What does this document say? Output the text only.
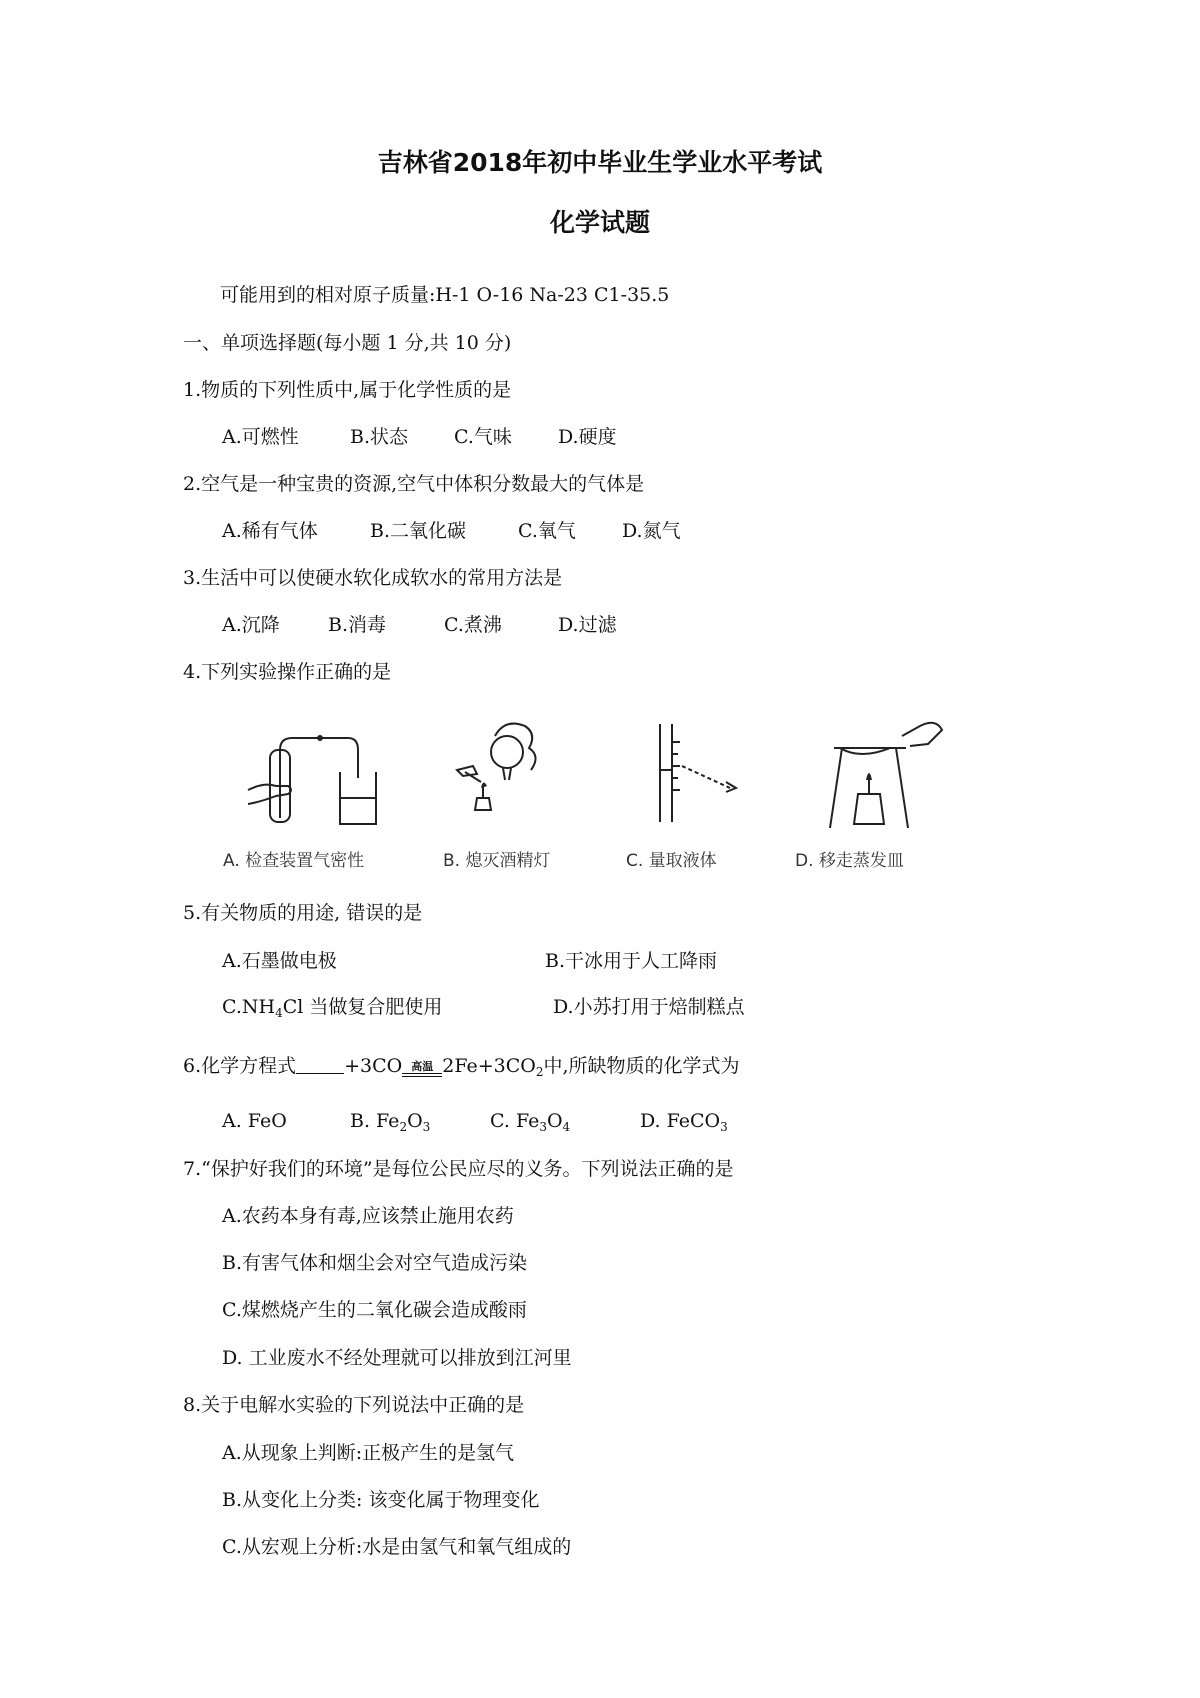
吉林省2018年初中毕业生学业水平考试
化学试题
可能用到的相对原子质量:H-1 O-16 Na-23 C1-35.5
一、单项选择题(每小题 1 分,共 10 分)
1.物质的下列性质中,属于化学性质的是
A.可燃性	B.状态 C.气味 D.硬度
2.空气是一种宝贵的资源,空气中体积分数最大的气体是
A.稀有气体	B.二氧化碳	C.氧气 D.氮气
3.生活中可以使硬水软化成软水的常用方法是
A.沉降	B.消毒	C.煮沸	D.过滤
4.下列实验操作正确的是
A. 检查装置气密性	B. 熄灭酒精灯	C. 量取液体	D. 移走蒸发皿
5.有关物质的用途, 错误的是
A.石墨做电极	B.干冰用于人工降雨
$C.NH_4Cl$ 当做复合肥使用	D.小苏打用于焙制糕点
6.化学方程式	+3CO 高温 $2Fe+3CO_2$中,所缺物质的化学式为
A. FeO	B. $Fe_2O_3$	C. $Fe_3O_4$	D. FeCO$_3$
7.“保护好我们的环境”是每位公民应尽的义务。下列说法正确的是
A.农药本身有毒,应该禁止施用农药
B.有害气体和烟尘会对空气造成污染
C.煤燃烧产生的二氧化碳会造成酸雨
D. 工业废水不经处理就可以排放到江河里
8.关于电解水实验的下列说法中正确的是
A.从现象上判断:正极产生的是氢气
B.从变化上分类: 该变化属于物理变化
C.从宏观上分析:水是由氢气和氧气组成的
